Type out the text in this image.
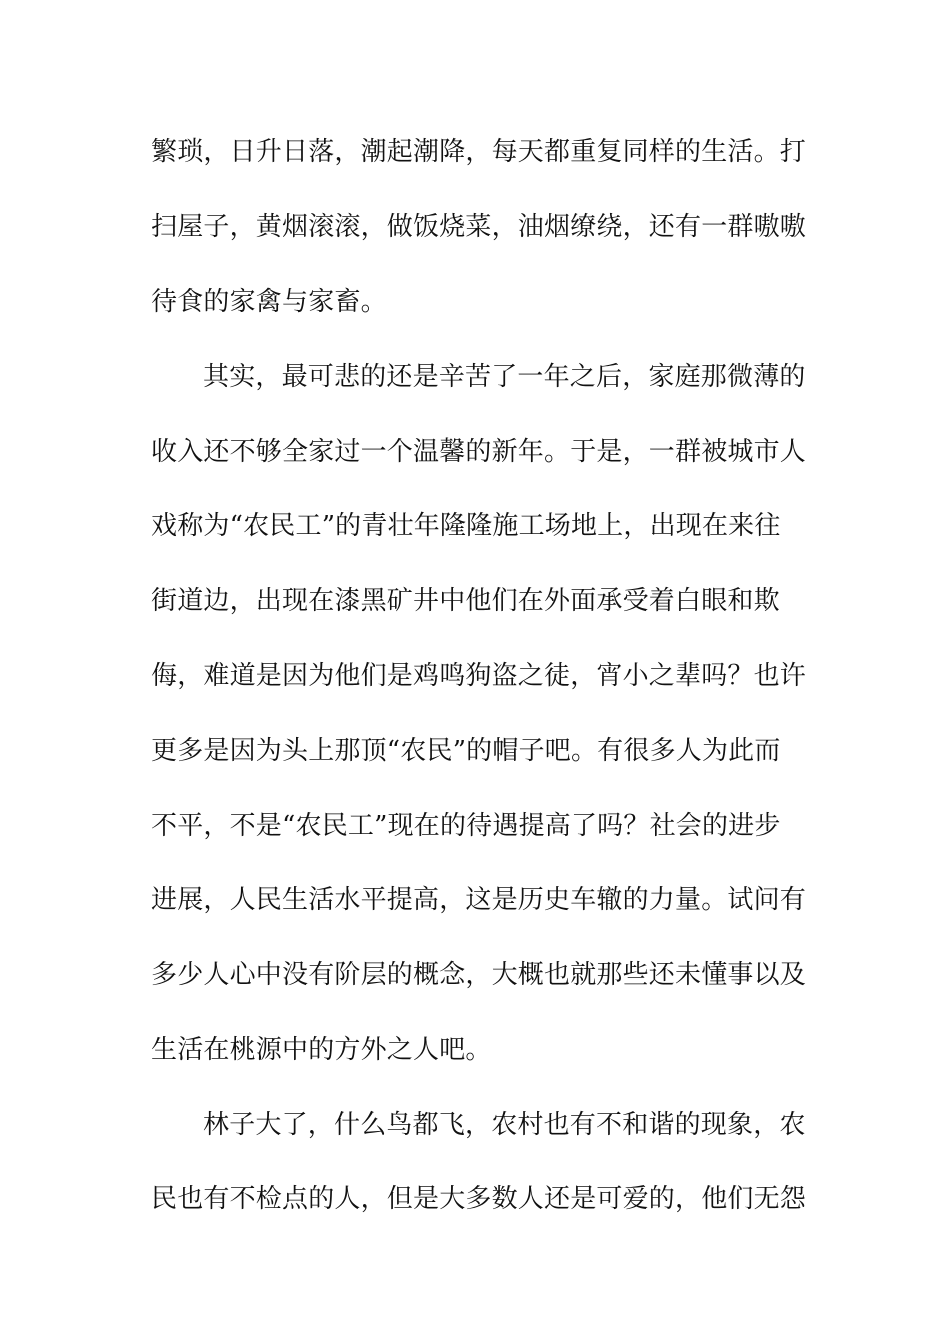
繁琐，日升日落，潮起潮降，每天都重复同样的生活。打
扫屋子，黄烟滚滚，做饭烧菜，油烟缭绕，还有一群嗷嗷
待食的家禽与家畜。
其实，最可悲的还是辛苦了一年之后，家庭那微薄的
收入还不够全家过一个温馨的新年。于是，一群被城市人
戏称为“农民工”的青壮年隆隆施工场地上，出现在来往
街道边，出现在漆黑矿井中他们在外面承受着白眼和欺
侮，难道是因为他们是鸡鸣狗盗之徒，宵小之辈吗？也许
更多是因为头上那顶“农民”的帽子吧。有很多人为此而
不平，不是“农民工”现在的待遇提高了吗？社会的进步
进展，人民生活水平提高，这是历史车辙的力量。试问有
多少人心中没有阶层的概念，大概也就那些还未懂事以及
生活在桃源中的方外之人吧。
林子大了，什么鸟都飞，农村也有不和谐的现象，农
民也有不检点的人，但是大多数人还是可爱的，他们无怨
